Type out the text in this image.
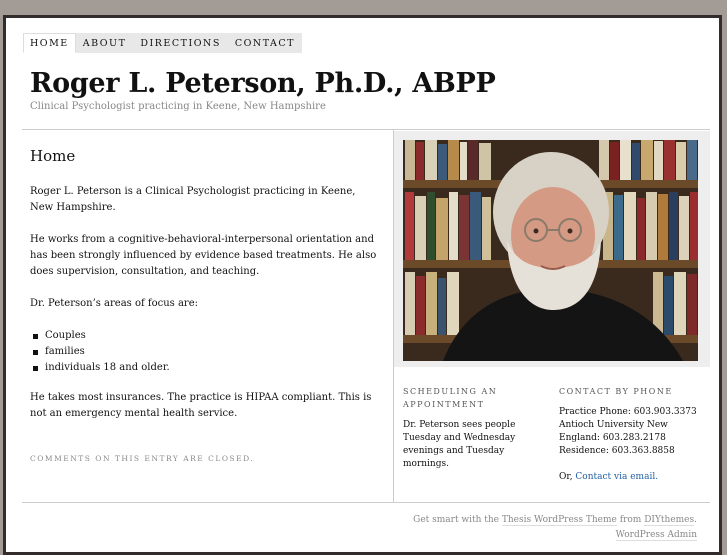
HOME	ABOUT	DIRECTIONS	CONTACT
Roger L. Peterson, Ph.D., ABPP
Clinical Psychologist practicing in Keene, New Hampshire
Home

Roger L. Peterson is a Clinical Psychologist practicing in Keene, New Hampshire.

He works from a cognitive-behavioral-interpersonal orientation and has been strongly influenced by evidence based treatments. He also does supervision, consultation, and teaching.

Dr. Peterson’s areas of focus are:

Couples
families
individuals 18 and older.

He takes most insurances. The practice is HIPAA compliant. This is not an emergency mental health service.

COMMENTS ON THIS ENTRY ARE CLOSED.
SCHEDULING AN APPOINTMENT
Dr. Peterson sees people Tuesday and Wednesday evenings and Tuesday mornings.
CONTACT BY PHONE

Practice Phone: 603.903.3373 Antioch University New England: 603.283.2178 Residence: 603.363.8858

Or, Contact via email.

Get smart with the Thesis WordPress Theme from DIYthemes.
WordPress Admin
